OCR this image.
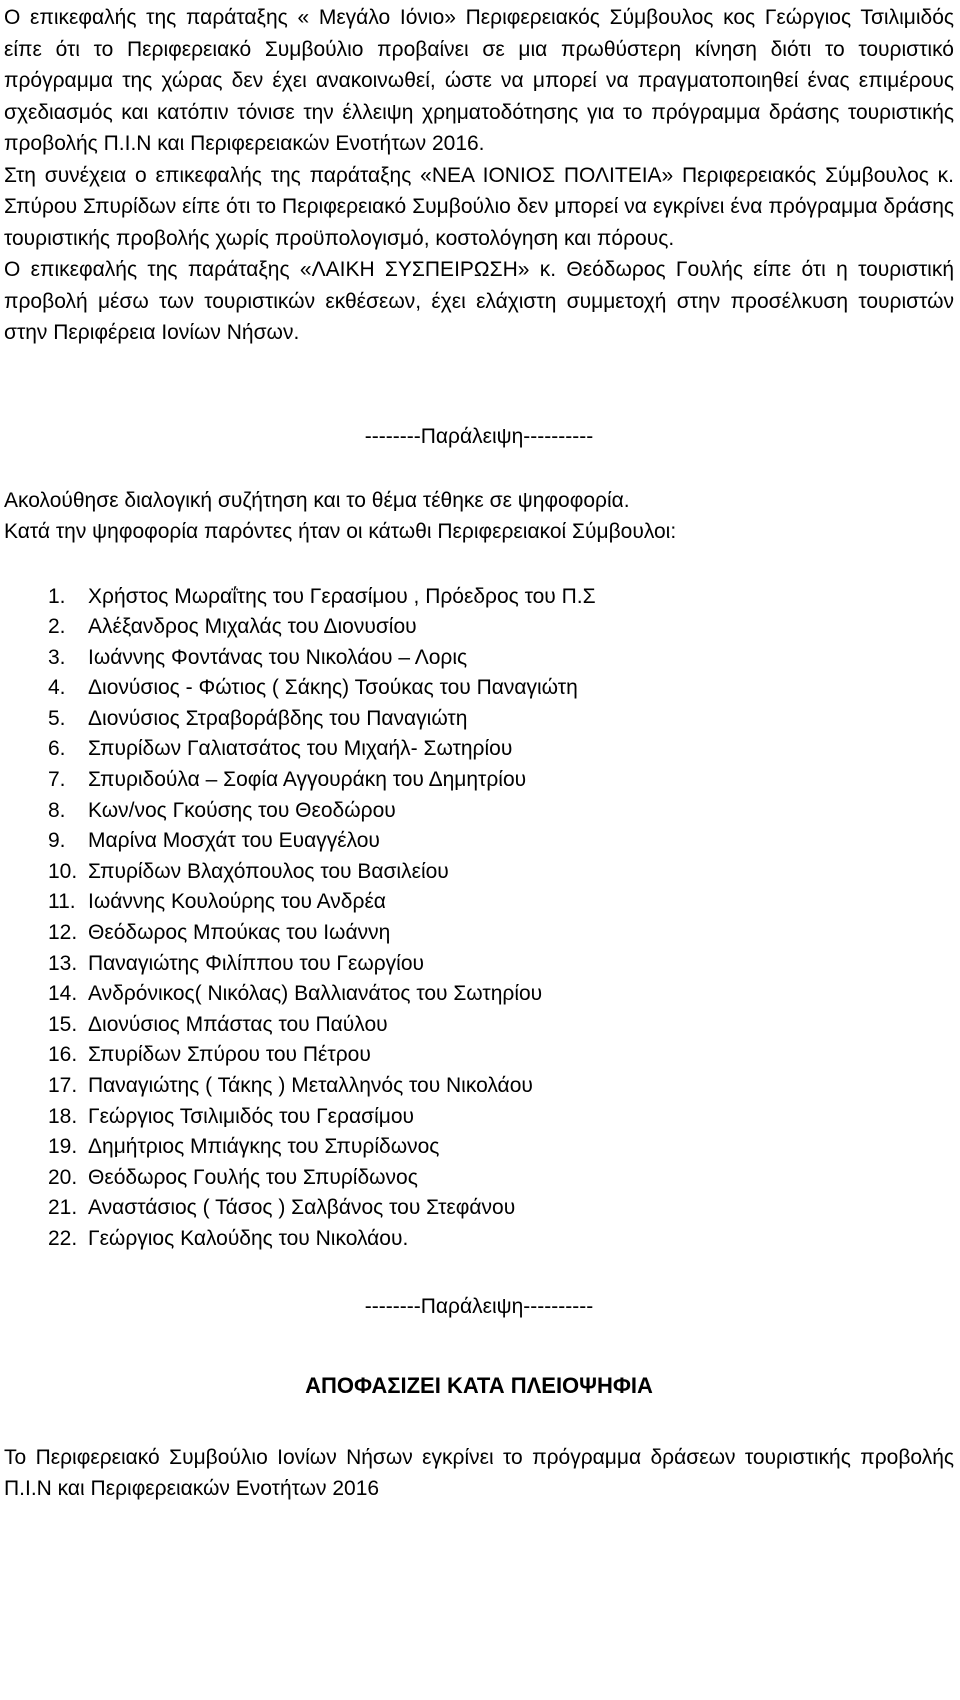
Ο επικεφαλής της παράταξης « Μεγάλο Ιόνιο» Περιφερειακός Σύμβουλος κος Γεώργιος Τσιλιμιδός είπε ότι το Περιφερειακό Συμβούλιο προβαίνει σε μια πρωθύστερη κίνηση διότι το τουριστικό πρόγραμμα της χώρας δεν έχει ανακοινωθεί, ώστε να μπορεί να πραγματοποιηθεί ένας επιμέρους σχεδιασμός και κατόπιν τόνισε την έλλειψη χρηματοδότησης για το πρόγραμμα δράσης τουριστικής προβολής Π.Ι.Ν και Περιφερειακών Ενοτήτων 2016.

Στη συνέχεια ο επικεφαλής της παράταξης «ΝΕΑ ΙΟΝΙΟΣ ΠΟΛΙΤΕΙΑ» Περιφερειακός Σύμβουλος κ. Σπύρου Σπυρίδων είπε ότι το Περιφερειακό Συμβούλιο δεν μπορεί να εγκρίνει ένα πρόγραμμα δράσης τουριστικής προβολής χωρίς προϋπολογισμό, κοστολόγηση και πόρους.

Ο επικεφαλής της παράταξης «ΛΑΙΚΗ ΣΥΣΠΕΙΡΩΣΗ» κ. Θεόδωρος Γουλής είπε ότι η τουριστική προβολή μέσω των τουριστικών εκθέσεων, έχει ελάχιστη συμμετοχή στην προσέλκυση τουριστών στην Περιφέρεια Ιονίων Νήσων.

--------Παράλειψη----------

Ακολούθησε διαλογική συζήτηση και το θέμα τέθηκε σε ψηφοφορία.

Κατά την ψηφοφορία παρόντες ήταν οι κάτωθι Περιφερειακοί Σύμβουλοι:

1.	Χρήστος Μωραΐτης του Γερασίμου , Πρόεδρος του Π.Σ
2.	Αλέξανδρος Μιχαλάς του Διονυσίου
3.	Ιωάννης Φοντάνας του Νικολάου – Λορις
4.	Διονύσιος - Φώτιος ( Σάκης) Τσούκας του Παναγιώτη
5.	Διονύσιος Στραβοράβδης του Παναγιώτη
6.	Σπυρίδων Γαλιατσάτος του Μιχαήλ- Σωτηρίου
7.	Σπυριδούλα – Σοφία Αγγουράκη του Δημητρίου
8.	Κων/νος Γκούσης του Θεοδώρου
9.	Μαρίνα Μοσχάτ του Ευαγγέλου
10. Σπυρίδων Βλαχόπουλος του Βασιλείου
11. Ιωάννης Κουλούρης του Ανδρέα
12. Θεόδωρος Μπούκας του Ιωάννη
13. Παναγιώτης Φιλίππου του Γεωργίου
14. Ανδρόνικος( Νικόλας) Βαλλιανάτος του Σωτηρίου
15. Διονύσιος Μπάστας του Παύλου
16. Σπυρίδων Σπύρου του Πέτρου
17. Παναγιώτης ( Τάκης ) Μεταλληνός του Νικολάου
18. Γεώργιος Τσιλιμιδός του Γερασίμου
19. Δημήτριος Μπιάγκης του Σπυρίδωνος
20. Θεόδωρος Γουλής του Σπυρίδωνος
21. Αναστάσιος ( Τάσος ) Σαλβάνος του Στεφάνου
22. Γεώργιος Καλούδης του Νικολάου.

--------Παράλειψη----------

ΑΠΟΦΑΣΙΖΕΙ ΚΑΤΑ ΠΛΕΙΟΨΗΦΙΑ

Το Περιφερειακό Συμβούλιο Ιονίων Νήσων εγκρίνει το πρόγραμμα δράσεων τουριστικής προβολής Π.Ι.Ν και Περιφερειακών Ενοτήτων 2016
